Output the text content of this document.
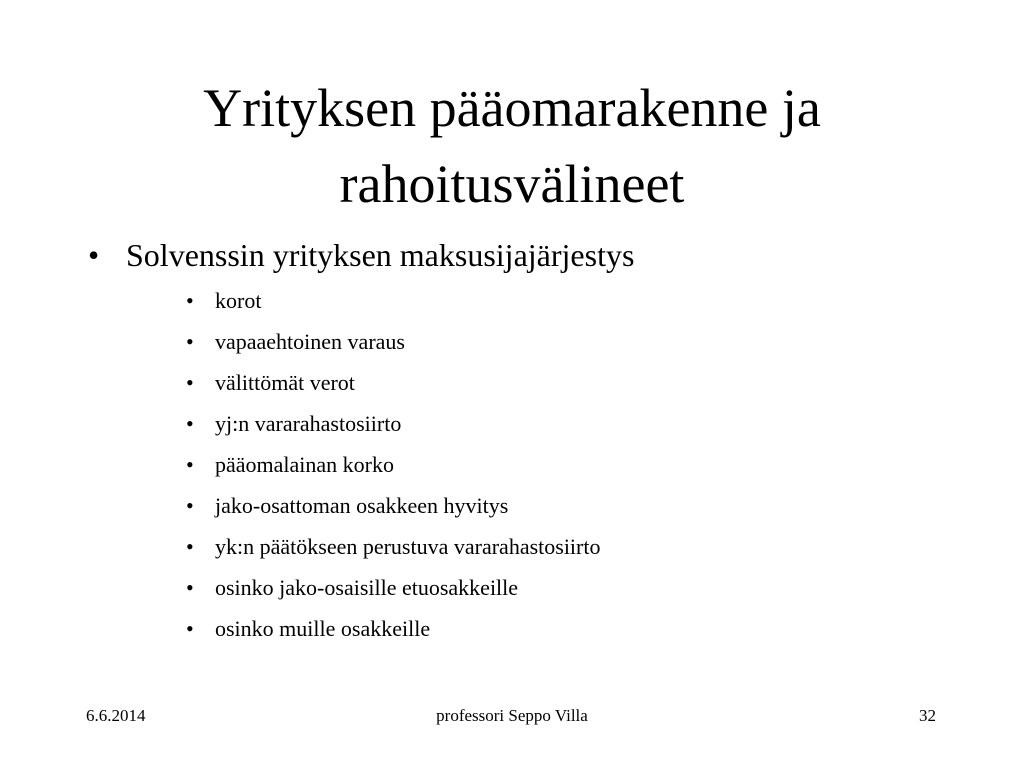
Yrityksen pääomarakenne ja
rahoitusvälineet
• Solvenssin yrityksen maksusijajärjestys
• korot
• vapaaehtoinen varaus
• välittömät verot
• yj:n vararahastosiirto
• pääomalainan korko
• jako-osattoman osakkeen hyvitys
• yk:n päätökseen perustuva vararahastosiirto
• osinko jako-osaisille etuosakkeille
• osinko muille osakkeille
6.6.2014	professori Seppo Villa	32
